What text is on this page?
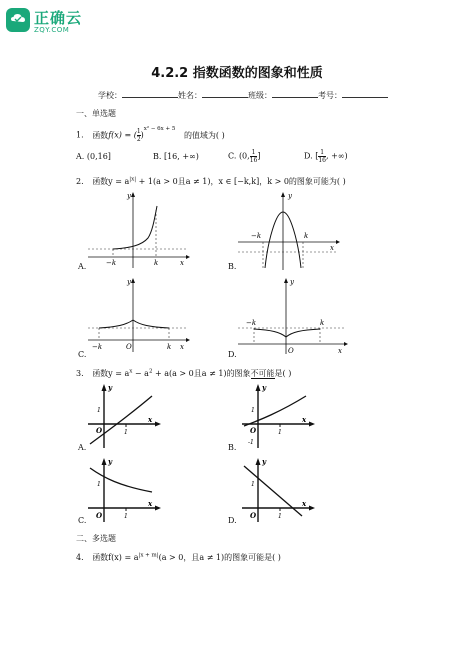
正确云
ZQY.COM
4.2.2 指数函数的图象和性质
学校：	姓名：	班级：	考号：
一、单选题
1. 函数f(x) = ( $\frac{1}{2} )^{x^2 - 6x + 5}$ 的值域为( )
A. (0,16]	B. [16, +∞)	C. (0, $\frac{1}{16}$ ]	D. [ $\frac{1}{16}$ , +∞)
2. 函数$y = a^{|x|} + 1(a > 0$且a ≠ 1)，x ∈ [−k,k]，k > 0的图象可能为( )
y
−k	k	x
A.
y
−k	k
x
B.
y
−k	O	k x
C.
y
−k
O
k
x
D.
3. 函数$y = a^x - a^2 + a(a > 0$且a ≠ 1)的图象不可能是( )
y
1
O	1
x
A.
y
1
O	1
-1
x
B.
y
1
O	1
x
C.
y
1
O	1
x
D.
二、多选题
4. 函数$f(x) = a^{|x + m|}(a > 0$，且a ≠ 1)的图象可能是( )
